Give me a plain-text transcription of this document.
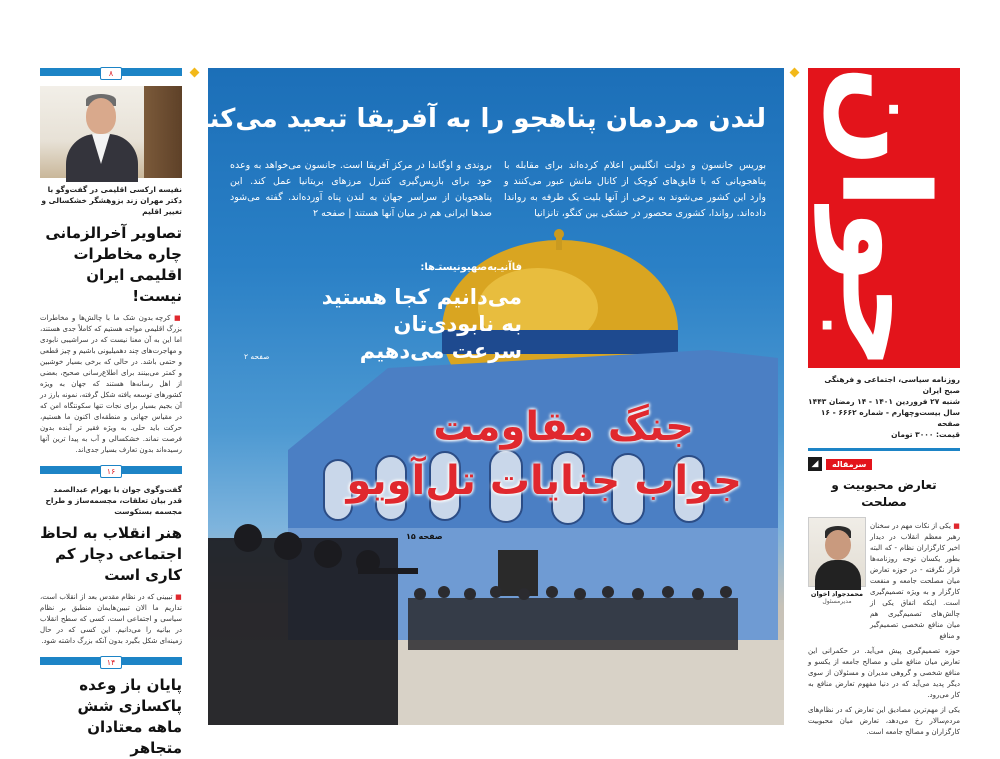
۸
نفیسه ارکسی اقلیمی در گفت‌وگو با دکتر مهران زند بزوهشگر خشکسالی و تغییر اقلیم
تصاویر آخرالزمانی چاره مخاطرات اقلیمی ایران نیست!
■ کرچه بدون شک ما با چالش‌ها و مخاطرات بزرگ اقلیمی مواجه هستیم که کاملاً جدی هستند، اما این به آن معنا نیست که در سراشیبی نابودی و مهاجرت‌های چند دهمیلیونی باشیم و چیز قطعی و حتمی باشد. در حالی که برخی بسیار خوشبین و کمتر می‌بینند برای اطلاع‌رسانی صحیح، بعضی از اهل رسانه‌ها هستند که جهان به ویژه کشورهای توسعه یافته شکل گرفته، نمونه بارز در آن بجیم بسیار برای نجات تنها سکونتگاه امن که در مقیاس جهانی و منطقه‌ای اکنون ما هستیم، حرکت باید حلی. به ویژه فقیر تر آینده بدون فرصت نماند. خشکسالی و آب به پیدا ترین آنها رسیده‌اند بدون تعارف بسیار جدی‌اند.
۱۶
گفت‌وگوی جوان با بهرام عبدالصمد قدر بیان تعلقات، مجسمه‌ساز و طراح مجسمه بستکوست
هنر انقلاب به لحاظ اجتماعی دچار کم کاری است
■ تبیینی که در نظام مقدس بعد از انقلاب است، نداریم ما الان تبیین‌هایمان منطبق بر نظام سیاسی و اجتماعی است، کسی که سطح انقلاب در بیانیه را می‌دانیم. این کسی که در حال زمینه‌ای شکل بگیرد بدون آنکه بزرگ داشته شود.
۱۴
پایان باز وعده پاکسازی شش ماهه معتادان متجاهر
لندن مردمان پناهجو را به آفریقا تبعید می‌کند!
بوریس جانسون و دولت انگلیس اعلام کرده‌اند برای مقابله با پناهجویانی که با قایق‌های کوچک از کانال مانش عبور می‌کنند و وارد این کشور می‌شوند به برخی از آنها بلیت یک طرفه به رواندا داده‌اند. رواندا، کشوری محصور در خشکی بین کنگو، تانزانیا
بروندی و اوگاندا در مرکز آفریقا است. جانسون می‌خواهد به وعده خود برای بازپس‌گیری کنترل مرزهای بریتانیا عمل کند. این پناهجویان از سراسر جهان به لندن پناه آورده‌اند. گفته می‌شود صدها ایرانی هم در میان آنها هستند | صفحه ۲
فاآنیـ‌به‌صهیونیستـ‌ها:
می‌دانیم کجا هستید
به نابودی‌تان
سرعت می‌دهیم
صفحه ۲
جنگ مقاومت
جواب جنایات تل‌آویو
صفحه ۱۵
جوان
روزنامه سیاسی، اجتماعی و فرهنگی صبح ایران
شنبه ۲۷ فروردین ۱۴۰۱ - ۱۴ رمضان ۱۴۴۳
سال بیست‌وچهارم - شماره ۶۶۶۲ - ۱۶ صفحه
قیمت: ۳۰۰۰ تومان
سرمقاله
◢
تعارض محبوبیت و مصلحت
■ یکی از نکات مهم در سخنان رهبر معظم انقلاب در دیدار اخیر کارگزاران نظام - که البته بطور یکسان توجه روزنامه‌ها قرار نگرفته - در حوزه تعارض میان مصلحت جامعه و منفعت کارگزار و به ویژه تصمیم‌گیری است. اینکه اتفاق یکی از چالش‌های تصمیم‌گیری هم میان منافع شخصی تصمیم‌گیر و منافع
محمدجواد اخوان
مدیرمسئول
حوزه تصمیم‌گیری پیش می‌آید. در حکمرانی این تعارض میان منافع ملی و مصالح جامعه از یکسو و منافع شخصی و گروهی مدیران و مسئولان از سوی دیگر پدید می‌آید که در دنیا مفهوم تعارض منافع به کار می‌رود.
یکی از مهم‌ترین مصادیق این تعارض که در نظام‌های مردم‌سالار رخ می‌دهد، تعارض میان محبوبیت کارگزاران و مصالح جامعه است.
